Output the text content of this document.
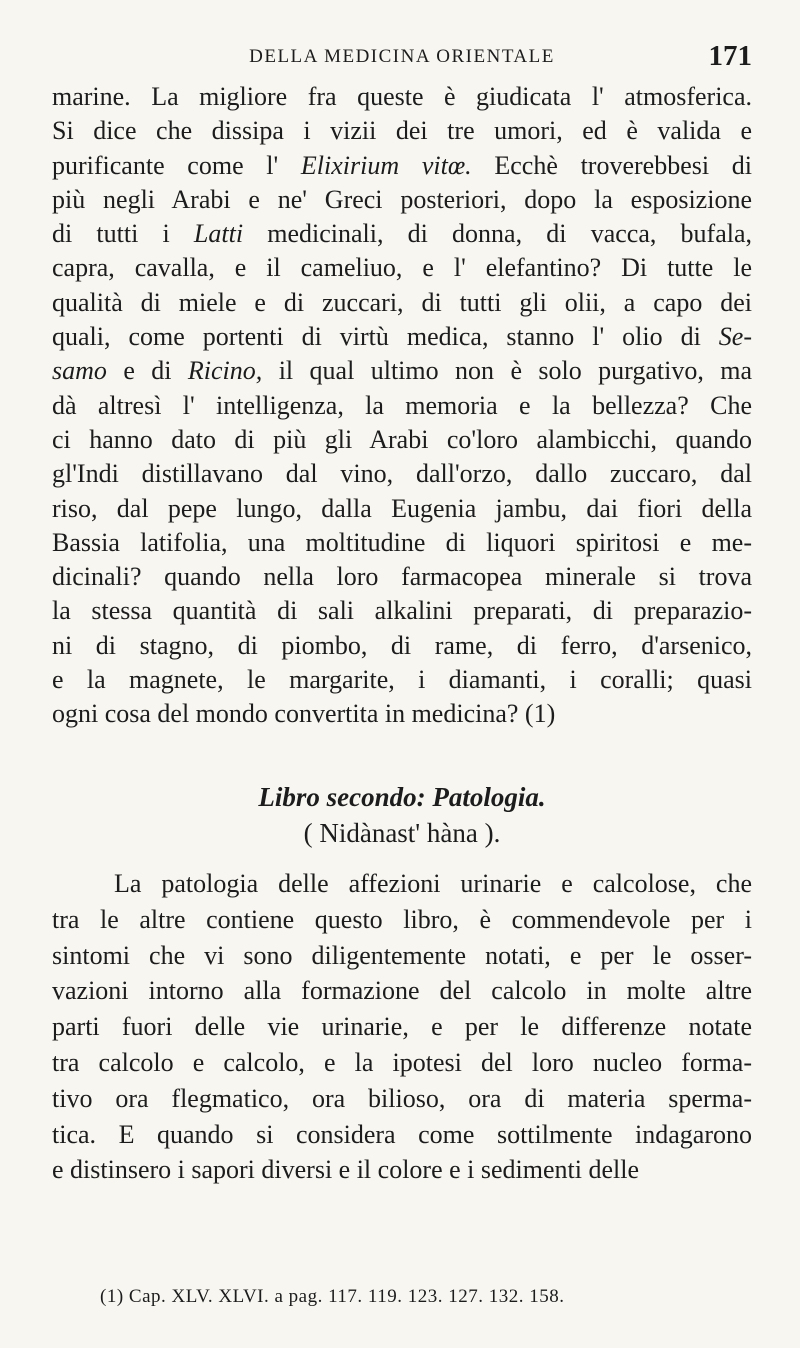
DELLA MEDICINA ORIENTALE	171
marine. La migliore fra queste è giudicata l' atmosferica.
Si dice che dissipa i vizii dei tre umori, ed è valida e
purificante come l' Elixirium vitœ. Ecchè troverebbesi di
più negli Arabi e ne' Greci posteriori, dopo la esposizione
di tutti i Latti medicinali, di donna, di vacca, bufala,
capra, cavalla, e il cameliuo, e l' elefantino? Di tutte le
qualità di miele e di zuccari, di tutti gli olii, a capo dei
quali, come portenti di virtù medica, stanno l' olio di Se-
samo e di Ricino, il qual ultimo non è solo purgativo, ma
dà altresì l' intelligenza, la memoria e la bellezza? Che
ci hanno dato di più gli Arabi co'loro alambicchi, quando
gl'Indi distillavano dal vino, dall'orzo, dallo zuccaro, dal
riso, dal pepe lungo, dalla Eugenia jambu, dai fiori della
Bassia latifolia, una moltitudine di liquori spiritosi e me-
dicinali? quando nella loro farmacopea minerale si trova
la stessa quantità di sali alkalini preparati, di preparazio-
ni di stagno, di piombo, di rame, di ferro, d'arsenico,
e la magnete, le margarite, i diamanti, i coralli; quasi
ogni cosa del mondo convertita in medicina? (1)
Libro secondo: Patologia.
( Nidànast' hàna ).
La patologia delle affezioni urinarie e calcolose, che
tra le altre contiene questo libro, è commendevole per i
sintomi che vi sono diligentemente notati, e per le osser-
vazioni intorno alla formazione del calcolo in molte altre
parti fuori delle vie urinarie, e per le differenze notate
tra calcolo e calcolo, e la ipotesi del loro nucleo forma-
tivo ora flegmatico, ora bilioso, ora di materia sperma-
tica. E quando si considera come sottilmente indagarono
e distinsero i sapori diversi e il colore e i sedimenti delle
(1) Cap. XLV. XLVI. a pag. 117. 119. 123. 127. 132. 158.
